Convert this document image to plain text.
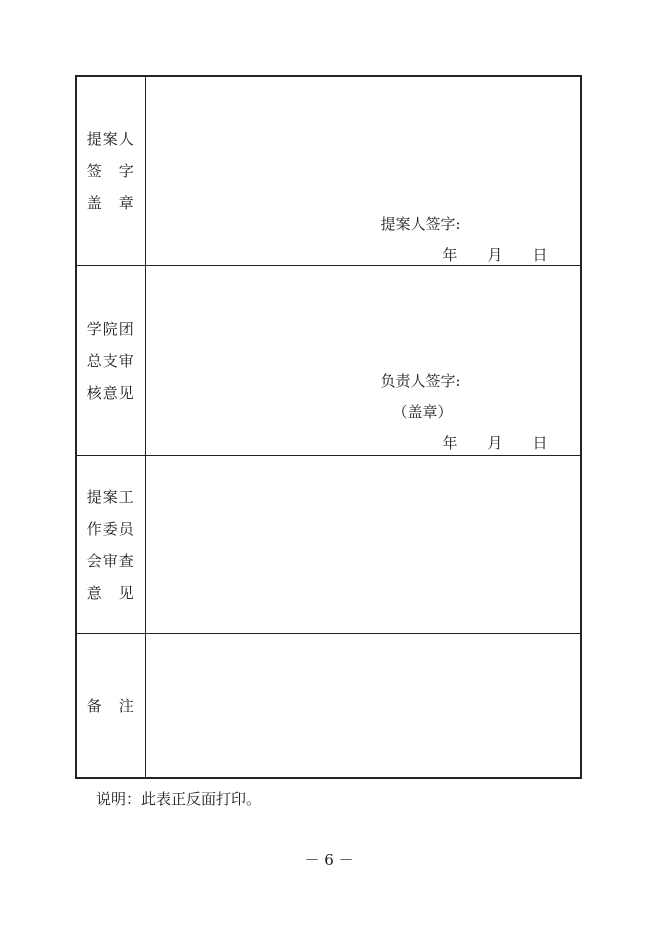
提案人
签　字
盖　章	提案人签字:
年　　月　　日

学院团
总支审
核意见	负责人签字:
（盖章）
年　　月　　日

提案工
作委员
会审查
意　见	

备　注	

说明：此表正反面打印。
－ 6 －
